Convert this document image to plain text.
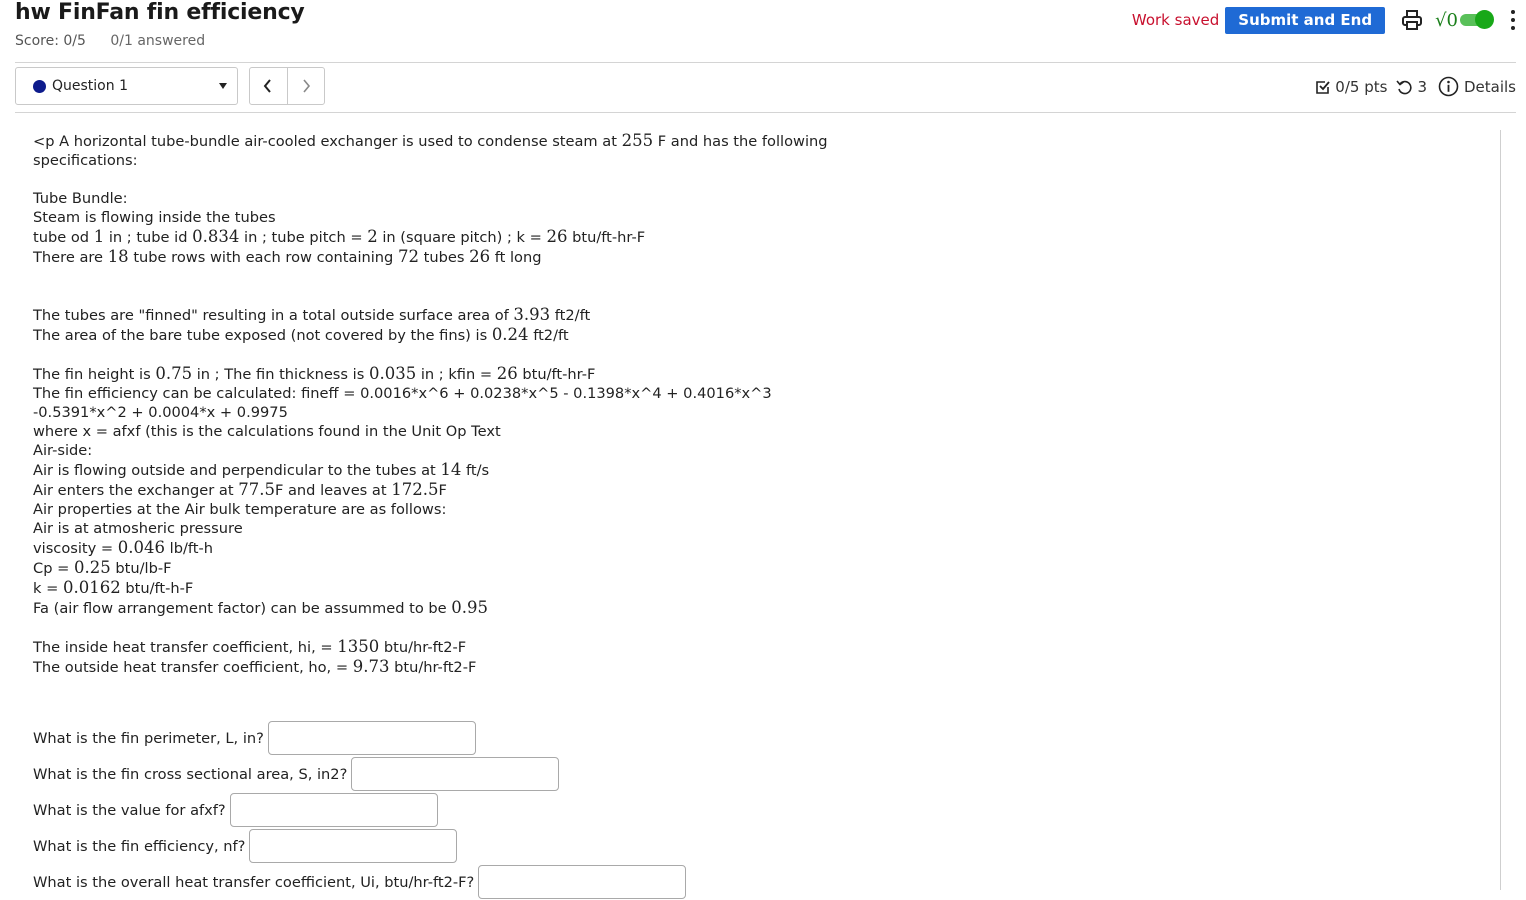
hw FinFan fin efficiency
Score: 0/5 0/1 answered
Work saved	Submit and End	√0
Question 1	0/5 pts 3 Details

<p A horizontal tube-bundle air-cooled exchanger is used to condense steam at 255 F and has the following specifications:

Tube Bundle:

Steam is flowing inside the tubes

tube od 1 in ; tube id 0.834 in ; tube pitch = 2 in (square pitch) ; k = 26 btu/ft-hr-F

There are 18 tube rows with each row containing 72 tubes 26 ft long

The tubes are "finned" resulting in a total outside surface area of 3.93 ft2/ft

The area of the bare tube exposed (not covered by the fins) is 0.24 ft2/ft

The fin height is 0.75 in ; The fin thickness is 0.035 in ; kfin = 26 btu/ft-hr-F

The fin efficiency can be calculated: fineff = 0.0016*x^6 + 0.0238*x^5 - 0.1398*x^4 + 0.4016*x^3

-0.5391*x^2 + 0.0004*x + 0.9975

where x = afxf (this is the calculations found in the Unit Op Text

Air-side:

Air is flowing outside and perpendicular to the tubes at 14 ft/s

Air enters the exchanger at 77.5F and leaves at 172.5F

Air properties at the Air bulk temperature are as follows:

Air is at atmosheric pressure

viscosity = 0.046 lb/ft-h

Cp = 0.25 btu/lb-F

k = 0.0162 btu/ft-h-F

Fa (air flow arrangement factor) can be assummed to be 0.95

The inside heat transfer coefficient, hi, = 1350 btu/hr-ft2-F

The outside heat transfer coefficient, ho, = 9.73 btu/hr-ft2-F

What is the fin perimeter, L, in?
What is the fin cross sectional area, S, in2?
What is the value for afxf?
What is the fin efficiency, nf?
What is the overall heat transfer coefficient, Ui, btu/hr-ft2-F?
